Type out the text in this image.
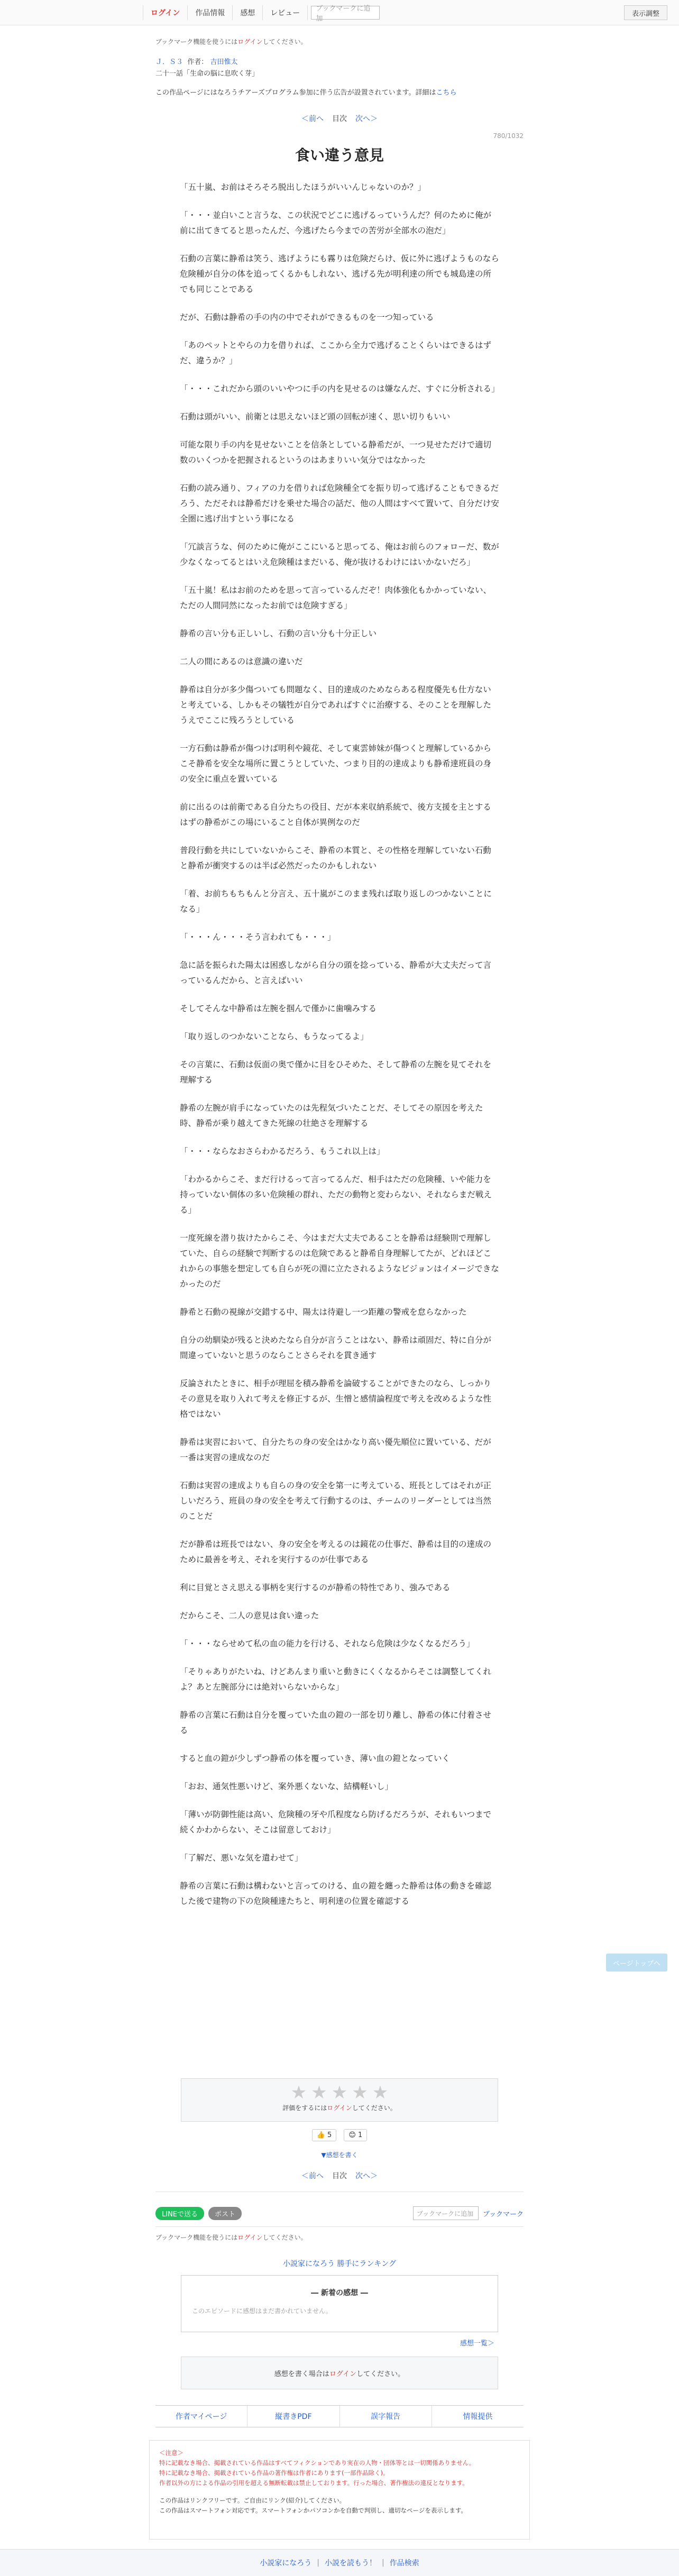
ログイン	作品情報	感想	レビュー
ブックマークに追加
表示調整
ブックマーク機能を使うにはログインしてください。
Ｊ．Ｓ３ 作者： 吉田惟太
二十一話「生命の脳に息吹く芽」
この作品ページにはなろうチアーズプログラム参加に伴う広告が設置されています。詳細はこちら
＜前へ 目次 次へ＞
780/1032
食い違う意見

「五十嵐、お前はそろそろ脱出したほうがいいんじゃないのか？」

「・・・並白いこと言うな、この状況でどこに逃げるっていうんだ？何のために俺が前に出てきてると思ったんだ、今逃げたら今までの苦労が全部水の泡だ」

石動の言葉に静希は笑う、逃げようにも霧りは危険だらけ、仮に外に逃げようものなら危険種が自分の体を追ってくるかもしれない、逃げる先が明利達の所でも城島達の所でも同じことである

だが、石動は静希の手の内の中でそれができるものを一つ知っている

「あのペットとやらの力を借りれば、ここから全力で逃げることくらいはできるはずだ、違うか？」

「・・・これだから頭のいいやつに手の内を見せるのは嫌なんだ、すぐに分析される」

石動は頭がいい、前衛とは思えないほど頭の回転が速く、思い切りもいい

可能な限り手の内を見せないことを信条としている静希だが、一つ見せただけで適切数のいくつかを把握されるというのはあまりいい気分ではなかった

石動の読み通り、フィアの力を借りれば危険種全てを振り切って逃げることもできるだろう、ただそれは静希だけを乗せた場合の話だ、他の人間はすべて置いて、自分だけ安全圏に逃げ出すという事になる

「冗談言うな、何のために俺がここにいると思ってる、俺はお前らのフォローだ、数が少なくなってるとはいえ危険種はまだいる、俺が抜けるわけにはいかないだろ」

「五十嵐！私はお前のためを思って言っているんだぞ！肉体強化もかかっていない、ただの人間同然になったお前では危険すぎる」

静希の言い分も正しいし、石動の言い分も十分正しい

二人の間にあるのは意識の違いだ

静希は自分が多少傷ついても問題なく、目的達成のためならある程度優先も仕方ないと考えている、しかもその犠牲が自分であればすぐに治療する、そのことを理解したうえでここに残ろうとしている

一方石動は静希が傷つけば明利や鏡花、そして東雲姉妹が傷つくと理解しているからこそ静希を安全な場所に置こうとしていた、つまり目的の達成よりも静希達班員の身の安全に重点を置いている

前に出るのは前衛である自分たちの役目、だが本来収納系統で、後方支援を主とするはずの静希がこの場にいること自体が異例なのだ

普段行動を共にしていないからこそ、静希の本質と、その性格を理解していない石動と静希が衝突するのは半ば必然だったのかもしれない

「着、お前ちもちもんと分言え、五十嵐がこのまま残れば取り返しのつかないことになる」

「・・・ん・・・そう言われても・・・」

急に話を振られた陽太は困惑しながら自分の頭を捻っている、静希が大丈夫だって言っているんだから、と言えばいい

そしてそんな中静希は左腕を掴んで僅かに歯噛みする

「取り返しのつかないことなら、もうなってるよ」

その言葉に、石動は仮面の奥で僅かに目をひそめた、そして静希の左腕を見てそれを理解する

静希の左腕が肩手になっていたのは先程気づいたことだ、そしてその原因を考えた時、静希が乗り越えてきた死線の壮絶さを理解する

「・・・ならなおさらわかるだろう、もうこれ以上は」

「わかるからこそ、まだ行けるって言ってるんだ、相手はただの危険種、いや能力を持っていない個体の多い危険種の群れ、ただの動物と変わらない、それならまだ戦える」

一度死線を潜り抜けたからこそ、今はまだ大丈夫であることを静希は経験則で理解していた、自らの経験で判断するのは危険であると静希自身理解してたが、どれほどこれからの事態を想定しても自らが死の淵に立たされるようなビジョンはイメージできなかったのだ

静希と石動の視線が交錯する中、陽太は待避し一つ距離の警戒を怠らなかった

自分の幼馴染が残ると決めたなら自分が言うことはない、静希は頑固だ、特に自分が間違っていないと思うのならことさらそれを貫き通す

反論されたときに、相手が理屈を積み静希を論破することができたのなら、しっかりその意見を取り入れて考えを修正するが、生憎と感情論程度で考えを改めるような性格ではない

静希は実習において、自分たちの身の安全はかなり高い優先順位に置いている、だが一番は実習の達成なのだ

石動は実習の達成よりも自らの身の安全を第一に考えている、班長としてはそれが正しいだろう、班員の身の安全を考えて行動するのは、チームのリーダーとしては当然のことだ

だが静希は班長ではない、身の安全を考えるのは鏡花の仕事だ、静希は目的の達成のために最善を考え、それを実行するのが仕事である

利に目覚とさえ思える事柄を実行するのが静希の特性であり、強みである

だからこそ、二人の意見は食い違った

「・・・ならせめて私の血の能力を行ける、それなら危険は少なくなるだろう」

「そりゃありがたいね、けどあんまり重いと動きにくくなるからそこは調整してくれよ？あと左腕部分には絶対いらないからな」

静希の言葉に石動は自分を覆っていた血の鎧の一部を切り離し、静希の体に付着させる

すると血の鎧が少しずつ静希の体を覆っていき、薄い血の鎧となっていく

「おお、通気性悪いけど、案外悪くないな、結構軽いし」

「薄いが防御性能は高い、危険種の牙や爪程度なら防げるだろうが、それもいつまで続くかわからない、そこは留意しておけ」

「了解だ、悪いな気を遣わせて」

静希の言葉に石動は構わないと言ってのける、血の鎧を纏った静希は体の動きを確認した後で建物の下の危険種達たちと、明利達の位置を確認する

ページトップへ
★ ★ ★ ★ ★
評価をするにはログインしてください。
👍 5	😊 1
▼感想を書く
＜前へ 目次 次へ＞
LINEで送る	ポスト	ブックマークに追加	ブックマーク
ブックマーク機能を使うにはログインしてください。
小説家になろう 勝手にランキング
― 新着の感想 ―
このエピソードに感想はまだ書かれていません。
感想一覧＞
感想を書く場合は ログイン してください。
作者マイページ	縦書きPDF	誤字報告	情報提供
＜注意＞
特に記載なき場合、掲載されている作品はすべてフィクションであり実在の人物・団体等とは一切関係ありません。
特に記載なき場合、掲載されている作品の著作権は作者にあります(一部作品除く)。
作者以外の方による作品の引用を超える無断転載は禁止しております。行った場合、著作権法の違反となります。
この作品はリンクフリーです。ご自由にリンク(紹介)してください。
この作品はスマートフォン対応です。スマートフォンかパソコンかを自動で判別し、適切なページを表示します。
小説家になろう | 小説を読もう！ | 作品検索
